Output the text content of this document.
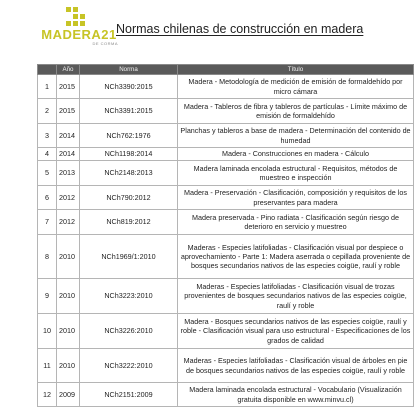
MADERA21
DE CORMA
Normas chilenas de construcción en madera
	Año	Norma	Título
1	2015	NCh3390:2015	Madera - Metodología de medición de emisión de formaldehído por micro cámara
2	2015	NCh3391:2015	Madera - Tableros de fibra y tableros de partículas - Límite máximo de emisión de formaldehído
3	2014	NCh762:1976	Planchas y tableros a base de madera - Determinación del contenido de humedad
4	2014	NCh1198:2014	Madera - Construcciones en madera - Cálculo
5	2013	NCh2148:2013	Madera laminada encolada estructural - Requisitos, métodos de muestreo e inspección
6	2012	NCh790:2012	Madera - Preservación - Clasificación, composición y requisitos de los preservantes para madera
7	2012	NCh819:2012	Madera preservada - Pino radiata - Clasificación según riesgo de deterioro en servicio y muestreo
8	2010	NCh1969/1:2010	Maderas - Especies latifoliadas - Clasificación visual por despiece o aprovechamiento - Parte 1: Madera aserrada o cepillada proveniente de bosques secundarios nativos de las especies coigüe, raulí y roble
9	2010	NCh3223:2010	Maderas - Especies latifoliadas - Clasificación visual de trozas provenientes de bosques secundarios nativos de las especies coigüe, raulí y roble
10	2010	NCh3226:2010	Madera - Bosques secundarios nativos de las especies coigüe, raulí y roble - Clasificación visual para uso estructural - Especificaciones de los grados de calidad
11	2010	NCh3222:2010	Maderas - Especies latifoliadas - Clasificación visual de árboles en pie de bosques secundarios nativos de las especies coigüe, raulí y roble
12	2009	NCh2151:2009	Madera laminada encolada estructural - Vocabulario (Visualización gratuita disponible en www.minvu.cl)
